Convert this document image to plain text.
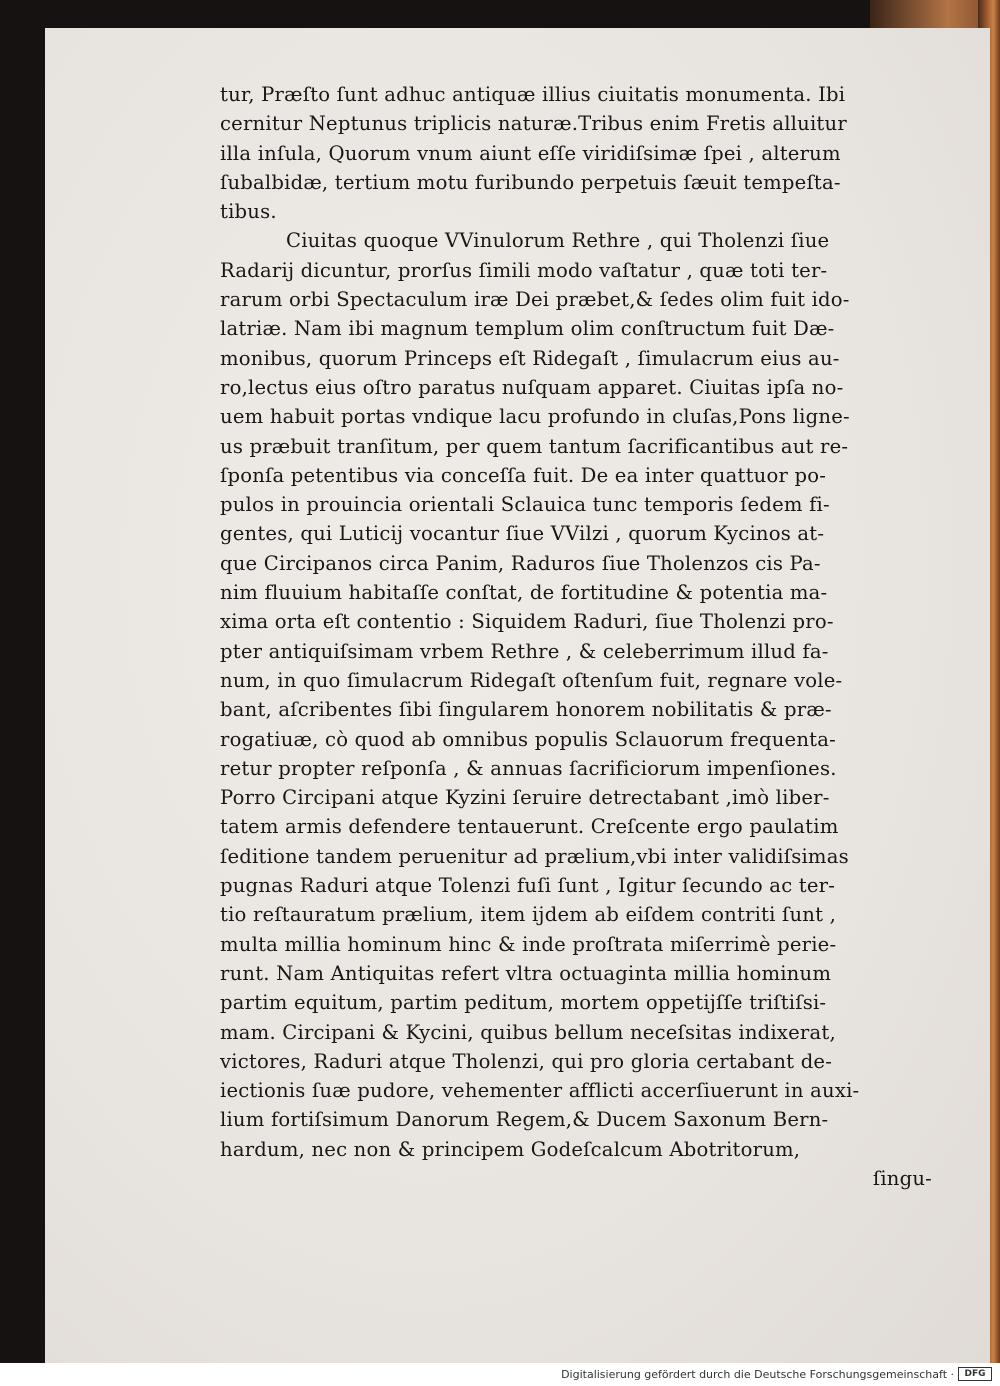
tur, Præſto ſunt adhuc antiquæ illius ciuitatis monumenta. Ibi
cernitur Neptunus triplicis naturæ.Tribus enim Fretis alluitur
illa inſula, Quorum vnum aiunt eſſe viridiſsimæ ſpei , alterum
ſubalbidæ, tertium motu furibundo perpetuis ſæuit tempeſta-
tibus.
Ciuitas quoque VVinulorum Rethre , qui Tholenzi ſiue
Radarij dicuntur, prorſus ſimili modo vaſtatur , quæ toti ter-
rarum orbi Spectaculum iræ Dei præbet,& ſedes olim fuit ido-
latriæ. Nam ibi magnum templum olim conſtructum fuit Dæ-
monibus, quorum Princeps eſt Ridegaſt , ſimulacrum eius au-
ro,lectus eius oſtro paratus nuſquam apparet. Ciuitas ipſa no-
uem habuit portas vndique lacu profundo in cluſas,Pons ligne-
us præbuit tranſitum, per quem tantum ſacrificantibus aut re-
ſponſa petentibus via conceſſa fuit. De ea inter quattuor po-
pulos in prouincia orientali Sclauica tunc temporis ſedem fi-
gentes, qui Luticij vocantur ſiue VVilzi , quorum Kycinos at-
que Circipanos circa Panim, Raduros ſiue Tholenzos cis Pa-
nim fluuium habitaſſe conſtat, de fortitudine & potentia ma-
xima orta eſt contentio : Siquidem Raduri, ſiue Tholenzi pro-
pter antiquiſsimam vrbem Rethre , & celeberrimum illud fa-
num, in quo ſimulacrum Ridegaſt oſtenſum fuit, regnare vole-
bant, aſcribentes ſibi ſingularem honorem nobilitatis & præ-
rogatiuæ, cò quod ab omnibus populis Sclauorum frequenta-
retur propter reſponſa , & annuas ſacrificiorum impenſiones.
Porro Circipani atque Kyzini ſeruire detrectabant ,imò liber-
tatem armis defendere tentauerunt. Creſcente ergo paulatim
ſeditione tandem peruenitur ad prælium,vbi inter validiſsimas
pugnas Raduri atque Tolenzi fuſi ſunt , Igitur ſecundo ac ter-
tio reſtauratum prælium, item ijdem ab eiſdem contriti ſunt ,
multa millia hominum hinc & inde proſtrata miſerrimè perie-
runt. Nam Antiquitas refert vltra octuaginta millia hominum
partim equitum, partim peditum, mortem oppetijſſe triſtiſsi-
mam. Circipani & Kycini, quibus bellum neceſsitas indixerat,
victores, Raduri atque Tholenzi, qui pro gloria certabant de-
iectionis ſuæ pudore, vehementer afflicti accerſiuerunt in auxi-
lium fortiſsimum Danorum Regem,& Ducem Saxonum Bern-
hardum, nec non & principem Godeſcalcum Abotritorum,
ſingu-
Digitalisierung gefördert durch die Deutsche Forschungsgemeinschaft ·	DFG
